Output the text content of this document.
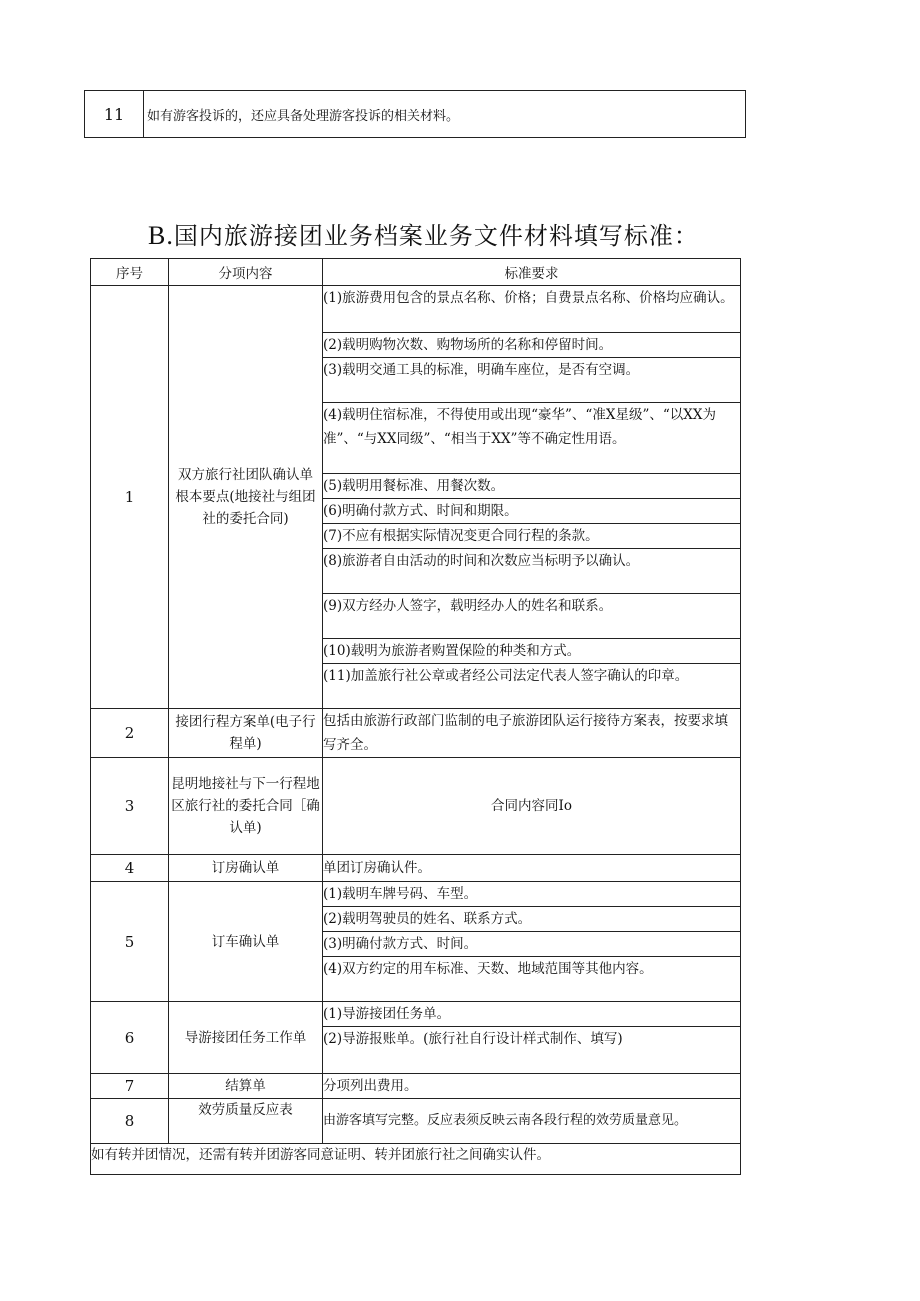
11	如有游客投诉的，还应具备处理游客投诉的相关材料。
B.国内旅游接团业务档案业务文件材料填写标准：
序号	分项内容	标准要求
1	双方旅行社团队确认单根本要点(地接社与组团社的委托合同)	(1)旅游费用包含的景点名称、价格；自费景点名称、价格均应确认。
		(2)载明购物次数、购物场所的名称和停留时间。
		(3)载明交通工具的标准，明确车座位，是否有空调。
		(4)载明住宿标准，不得使用或出现“豪华”、“准X星级”、“以XX为准”、“与XX同级”、“相当于XX”等不确定性用语。
		(5)载明用餐标准、用餐次数。
		(6)明确付款方式、时间和期限。
		(7)不应有根据实际情况变更合同行程的条款。
		(8)旅游者自由活动的时间和次数应当标明予以确认。
		(9)双方经办人签字，载明经办人的姓名和联系。
		(10)载明为旅游者购置保险的种类和方式。
		(11)加盖旅行社公章或者经公司法定代表人签字确认的印章。
2	接团行程方案单(电子行程单)	包括由旅游行政部门监制的电子旅游团队运行接待方案表，按要求填写齐全。
3	昆明地接社与下一行程地区旅行社的委托合同［确认单)	合同内容同Io
4	订房确认单	单团订房确认件。
5	订车确认单	(1)载明车牌号码、车型。
		(2)载明驾驶员的姓名、联系方式。
		(3)明确付款方式、时间。
		(4)双方约定的用车标准、天数、地域范围等其他内容。
6	导游接团任务工作单	(1)导游接团任务单。
		(2)导游报账单。(旅行社自行设计样式制作、填写)
7	结算单	分项列出费用。
8	效劳质量反应表	由游客填写完整。反应表须反映云南各段行程的效劳质量意见。
如有转并团情况，还需有转并团游客同意证明、转并团旅行社之间确实认件。		
